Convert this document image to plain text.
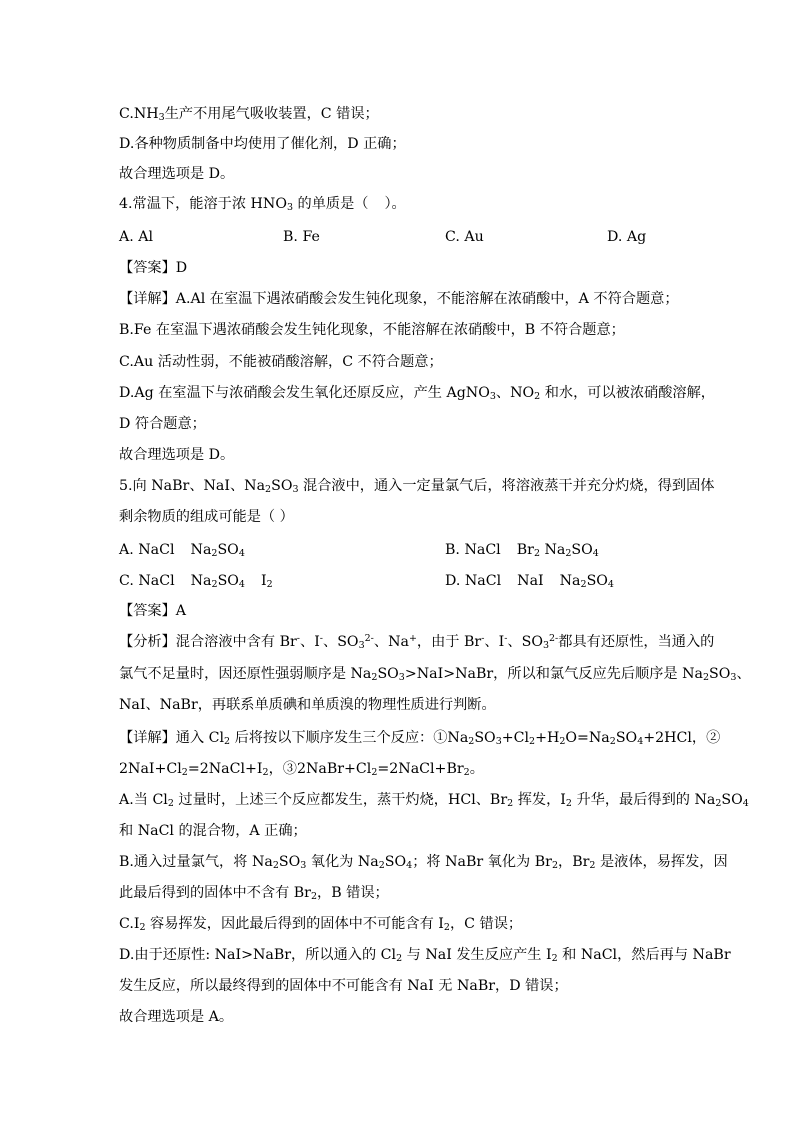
$C.NH_3$生产不用尾气吸收装置，C 错误；
D.各种物质制备中均使用了催化剂，D 正确；
故合理选项是 D。
4.常温下，能溶于浓 $HNO_3$ 的单质是（ ）。
A. Al	B. Fe	C. Au	D. Ag
【答案】D
【详解】A.Al 在室温下遇浓硝酸会发生钝化现象，不能溶解在浓硝酸中，A 不符合题意；
B.Fe 在室温下遇浓硝酸会发生钝化现象，不能溶解在浓硝酸中，B 不符合题意；
C.Au 活动性弱，不能被硝酸溶解，C 不符合题意；
D.Ag 在室温下与浓硝酸会发生氧化还原反应，产生 AgNO$_3$、$NO_2$ 和水，可以被浓硝酸溶解，
D 符合题意；
故合理选项是 D。
5.向 NaBr、NaI、$Na_2SO_3$ 混合液中，通入一定量氯气后，将溶液蒸干并充分灼烧，得到固体
剩余物质的组成可能是（ ）
A. NaCl $Na_2SO_4$	B. NaCl $Br_2$ $Na_2SO_4$
C. NaCl $Na_2SO_4$ $I_2$	D. NaCl NaI $Na_2SO_4$
【答案】A
【分析】混合溶液中含有 Br-、I-、$SO_3^{2-}$、Na+，由于 Br-、I-、$SO_3^{2-}$都具有还原性，当通入的
氯气不足量时，因还原性强弱顺序是 $Na_2SO_3>NaI>NaBr$，所以和氯气反应先后顺序是 $Na_2SO_3$、
NaI、NaBr，再联系单质碘和单质溴的物理性质进行判断。
【详解】通入 $Cl_2$ 后将按以下顺序发生三个反应：$①Na_2SO_3+Cl_2+H_2O=Na_2SO_4+2HCl$，②
$2NaI+Cl_2=2NaCl+I_2$，$③2NaBr+Cl_2=2NaCl+Br_2$。
A.当 $Cl_2$ 过量时，上述三个反应都发生，蒸干灼烧，HCl、$Br_2$ 挥发，$I_2$ 升华，最后得到的 $Na_2SO_4$
和 NaCl 的混合物，A 正确；
B.通入过量氯气，将 $Na_2SO_3$ 氧化为 $Na_2SO_4$；将 NaBr 氧化为 $Br_2$，$Br_2$ 是液体，易挥发，因
此最后得到的固体中不含有 $Br_2$，B 错误；
$C.I_2$ 容易挥发，因此最后得到的固体中不可能含有 $I_2$，C 错误；
D.由于还原性: NaI>NaBr，所以通入的 $Cl_2$ 与 NaI 发生反应产生 $I_2$ 和 NaCl，然后再与 NaBr
发生反应，所以最终得到的固体中不可能含有 NaI 无 NaBr，D 错误；
故合理选项是 A。
